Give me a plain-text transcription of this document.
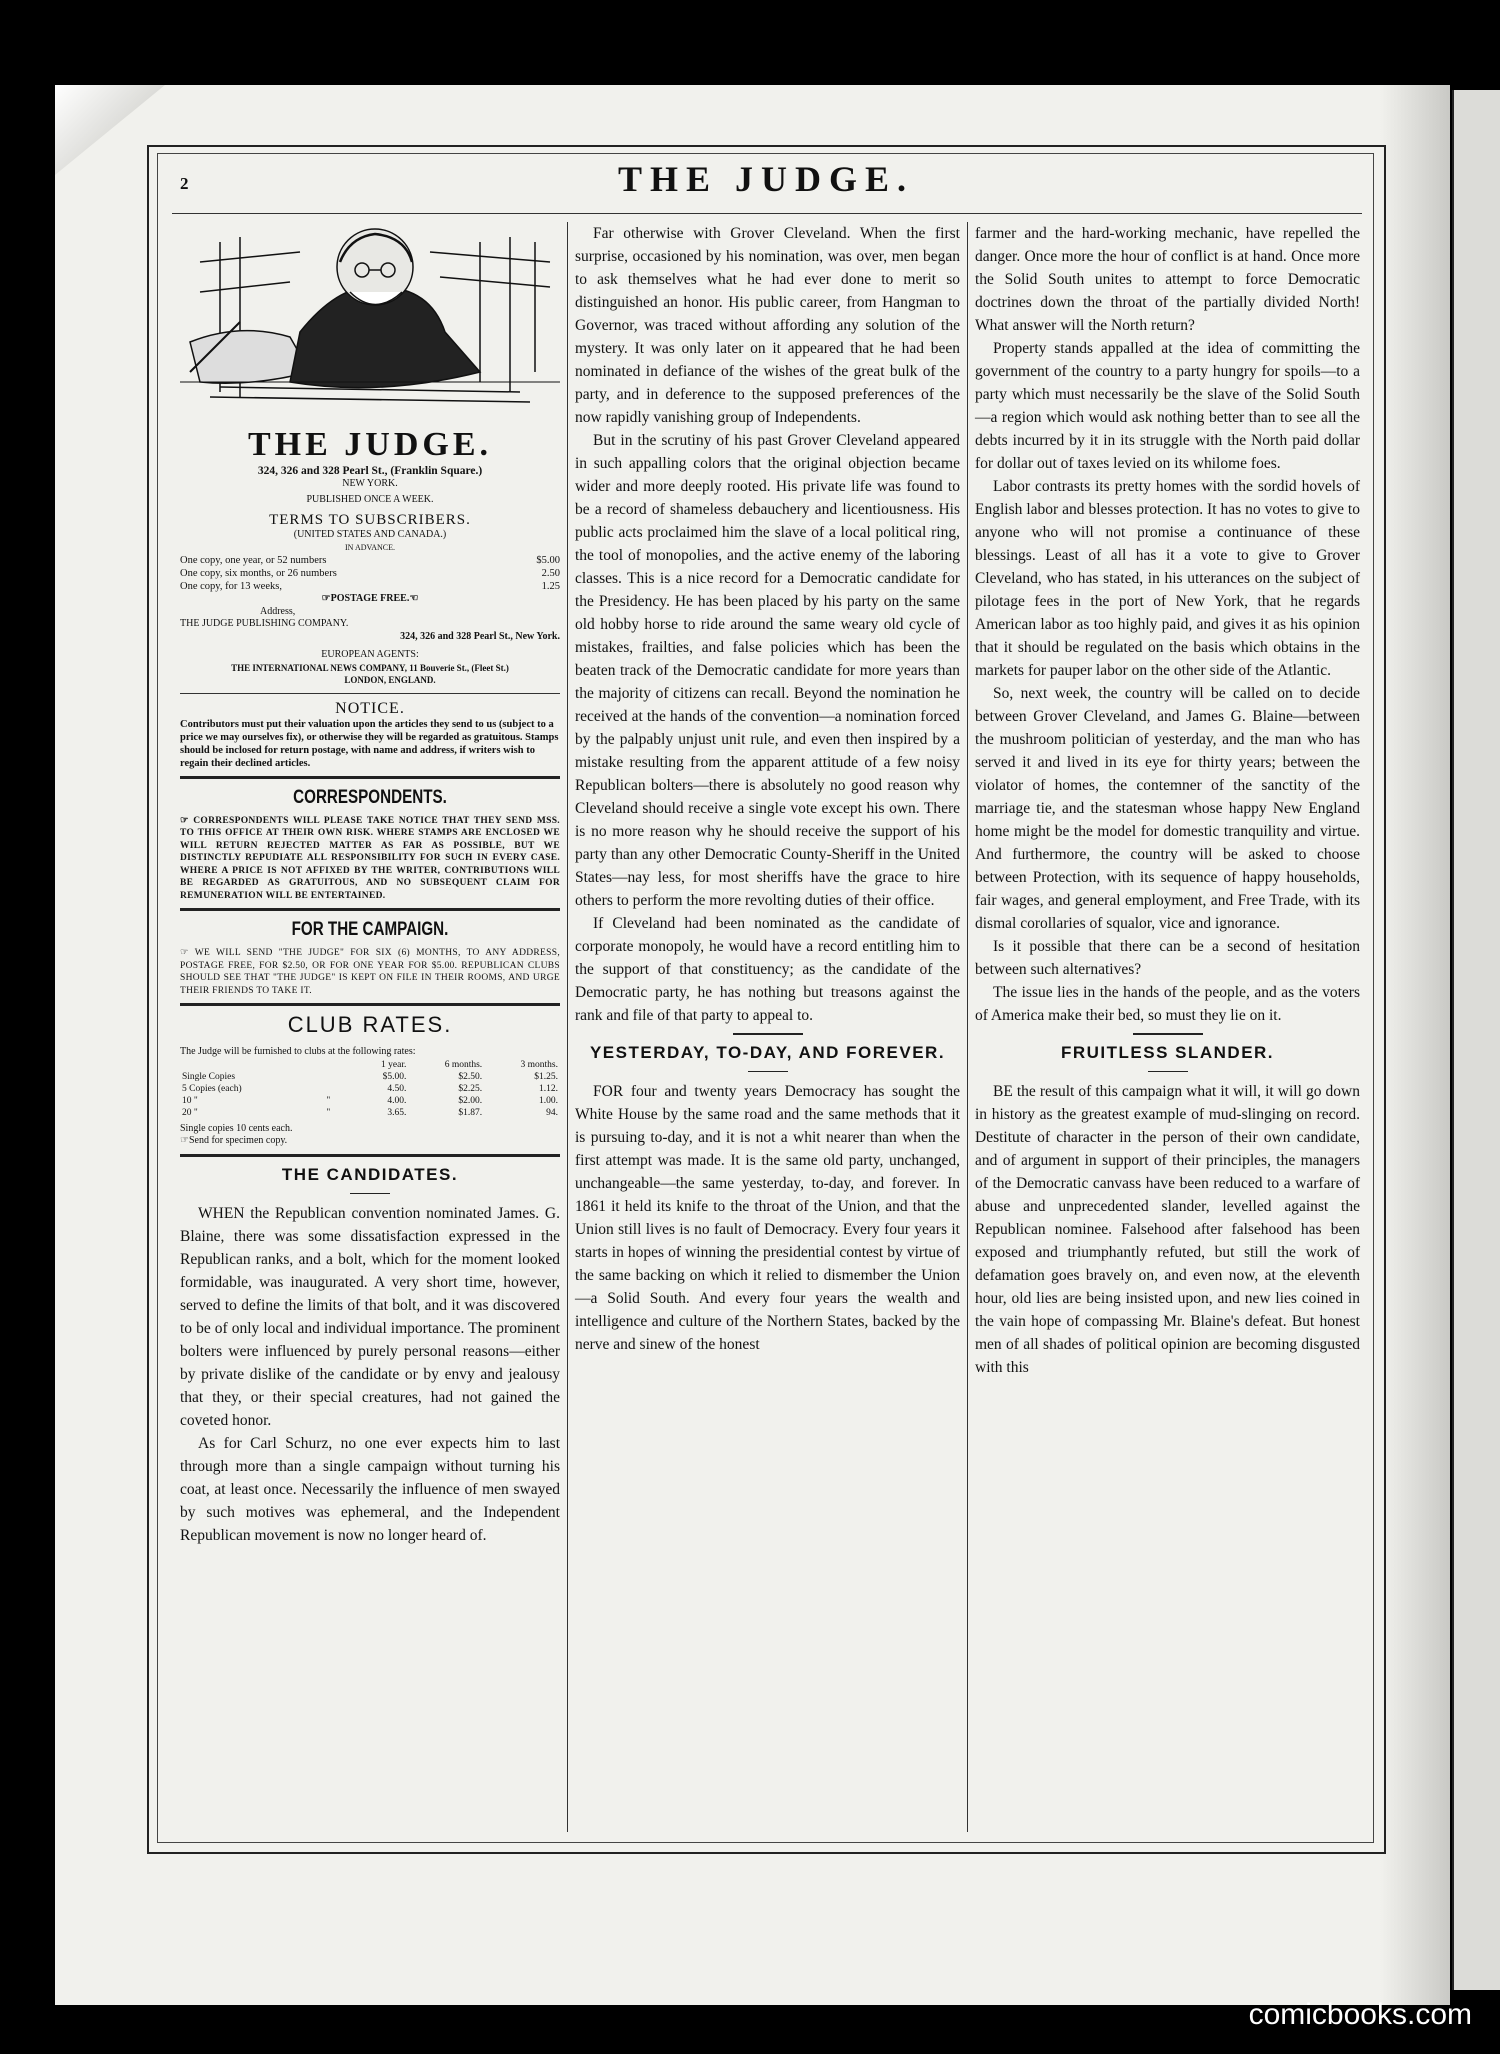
THE JUDGE.
2
THE JUDGE.
324, 326 and 328 Pearl St., (Franklin Square.)
NEW YORK.
PUBLISHED ONCE A WEEK.
TERMS TO SUBSCRIBERS.
(UNITED STATES AND CANADA.)
IN ADVANCE.
One copy, one year, or 52 numbers	$5.00
One copy, six months, or 26 numbers	2.50
One copy, for 13 weeks,	1.25
☞POSTAGE FREE.☜
Address,
THE JUDGE PUBLISHING COMPANY.
324, 326 and 328 Pearl St., New York.
EUROPEAN AGENTS:
THE INTERNATIONAL NEWS COMPANY, 11 Bouverie St., (Fleet St.)
LONDON, ENGLAND.
NOTICE.
Contributors must put their valuation upon the articles they send to us (subject to a price we may ourselves fix), or otherwise they will be regarded as gratuitous. Stamps should be inclosed for return postage, with name and address, if writers wish to regain their declined articles.
CORRESPONDENTS.
☞ CORRESPONDENTS WILL PLEASE TAKE NOTICE THAT THEY SEND MSS. TO THIS OFFICE AT THEIR OWN RISK. WHERE STAMPS ARE ENCLOSED WE WILL RETURN REJECTED MATTER AS FAR AS POSSIBLE, BUT WE DISTINCTLY REPUDIATE ALL RESPONSIBILITY FOR SUCH IN EVERY CASE. WHERE A PRICE IS NOT AFFIXED BY THE WRITER, CONTRIBUTIONS WILL BE REGARDED AS GRATUITOUS, AND NO SUBSEQUENT CLAIM FOR REMUNERATION WILL BE ENTERTAINED.
FOR THE CAMPAIGN.
☞ WE WILL SEND "THE JUDGE" FOR SIX (6) MONTHS, TO ANY ADDRESS, POSTAGE FREE, FOR $2.50, OR FOR ONE YEAR FOR $5.00. REPUBLICAN CLUBS SHOULD SEE THAT "THE JUDGE" IS KEPT ON FILE IN THEIR ROOMS, AND URGE THEIR FRIENDS TO TAKE IT.
CLUB RATES.
The Judge will be furnished to clubs at the following rates:
		1 year.	6 months.	3 months.
Single Copies		$5.00.	$2.50.	$1.25.
5 Copies (each)		4.50.	$2.25.	1.12.
10 "	"	4.00.	$2.00.	1.00.
20 "	"	3.65.	$1.87.	94.
Single copies 10 cents each.
☞Send for specimen copy.
THE CANDIDATES.

WHEN the Republican convention nominated James. G. Blaine, there was some dissatisfaction expressed in the Republican ranks, and a bolt, which for the moment looked formidable, was inaugurated. A very short time, however, served to define the limits of that bolt, and it was discovered to be of only local and individual importance. The prominent bolters were influenced by purely personal reasons—either by private dislike of the candidate or by envy and jealousy that they, or their special creatures, had not gained the coveted honor.

As for Carl Schurz, no one ever expects him to last through more than a single campaign without turning his coat, at least once. Necessarily the influence of men swayed by such motives was ephemeral, and the Independent Republican movement is now no longer heard of.

Far otherwise with Grover Cleveland. When the first surprise, occasioned by his nomination, was over, men began to ask themselves what he had ever done to merit so distinguished an honor. His public career, from Hangman to Governor, was traced without affording any solution of the mystery. It was only later on it appeared that he had been nominated in defiance of the wishes of the great bulk of the party, and in deference to the supposed preferences of the now rapidly vanishing group of Independents.

But in the scrutiny of his past Grover Cleveland appeared in such appalling colors that the original objection became wider and more deeply rooted. His private life was found to be a record of shameless debauchery and licentiousness. His public acts proclaimed him the slave of a local political ring, the tool of monopolies, and the active enemy of the laboring classes. This is a nice record for a Democratic candidate for the Presidency. He has been placed by his party on the same old hobby horse to ride around the same weary old cycle of mistakes, frailties, and false policies which has been the beaten track of the Democratic candidate for more years than the majority of citizens can recall. Beyond the nomination he received at the hands of the convention—a nomination forced by the palpably unjust unit rule, and even then inspired by a mistake resulting from the apparent attitude of a few noisy Republican bolters—there is absolutely no good reason why Cleveland should receive a single vote except his own. There is no more reason why he should receive the support of his party than any other Democratic County-Sheriff in the United States—nay less, for most sheriffs have the grace to hire others to perform the more revolting duties of their office.

If Cleveland had been nominated as the candidate of corporate monopoly, he would have a record entitling him to the support of that constituency; as the candidate of the Democratic party, he has nothing but treasons against the rank and file of that party to appeal to.

YESTERDAY, TO-DAY, AND FOREVER.

FOR four and twenty years Democracy has sought the White House by the same road and the same methods that it is pursuing to-day, and it is not a whit nearer than when the first attempt was made. It is the same old party, unchanged, unchangeable—the same yesterday, to-day, and forever. In 1861 it held its knife to the throat of the Union, and that the Union still lives is no fault of Democracy. Every four years it starts in hopes of winning the presidential contest by virtue of the same backing on which it relied to dismember the Union—a Solid South. And every four years the wealth and intelligence and culture of the Northern States, backed by the nerve and sinew of the honest

farmer and the hard-working mechanic, have repelled the danger. Once more the hour of conflict is at hand. Once more the Solid South unites to attempt to force Democratic doctrines down the throat of the partially divided North! What answer will the North return?

Property stands appalled at the idea of committing the government of the country to a party hungry for spoils—to a party which must necessarily be the slave of the Solid South—a region which would ask nothing better than to see all the debts incurred by it in its struggle with the North paid dollar for dollar out of taxes levied on its whilome foes.

Labor contrasts its pretty homes with the sordid hovels of English labor and blesses protection. It has no votes to give to anyone who will not promise a continuance of these blessings. Least of all has it a vote to give to Grover Cleveland, who has stated, in his utterances on the subject of pilotage fees in the port of New York, that he regards American labor as too highly paid, and gives it as his opinion that it should be regulated on the basis which obtains in the markets for pauper labor on the other side of the Atlantic.

So, next week, the country will be called on to decide between Grover Cleveland, and James G. Blaine—between the mushroom politician of yesterday, and the man who has served it and lived in its eye for thirty years; between the violator of homes, the contemner of the sanctity of the marriage tie, and the statesman whose happy New England home might be the model for domestic tranquility and virtue. And furthermore, the country will be asked to choose between Protection, with its sequence of happy households, fair wages, and general employment, and Free Trade, with its dismal corollaries of squalor, vice and ignorance.

Is it possible that there can be a second of hesitation between such alternatives?

The issue lies in the hands of the people, and as the voters of America make their bed, so must they lie on it.

FRUITLESS SLANDER.

BE the result of this campaign what it will, it will go down in history as the greatest example of mud-slinging on record. Destitute of character in the person of their own candidate, and of argument in support of their principles, the managers of the Democratic canvass have been reduced to a warfare of abuse and unprecedented slander, levelled against the Republican nominee. Falsehood after falsehood has been exposed and triumphantly refuted, but still the work of defamation goes bravely on, and even now, at the eleventh hour, old lies are being insisted upon, and new lies coined in the vain hope of compassing Mr. Blaine's defeat. But honest men of all shades of political opinion are becoming disgusted with this

comicbooks.com
